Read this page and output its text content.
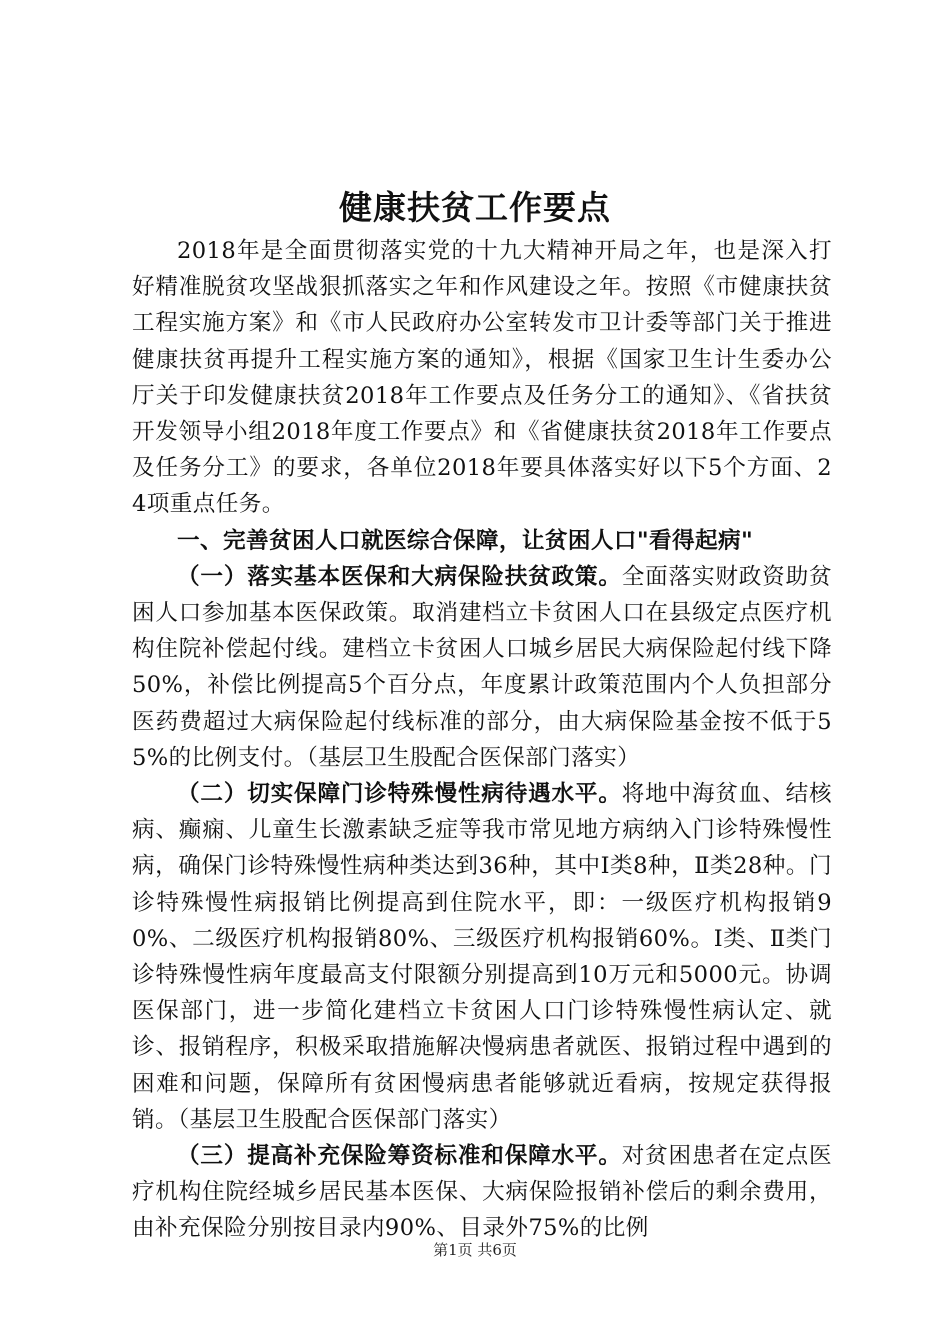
健康扶贫工作要点

2018年是全面贯彻落实党的十九大精神开局之年，也是深入打好精准脱贫攻坚战狠抓落实之年和作风建设之年。按照《市健康扶贫工程实施方案》和《市人民政府办公室转发市卫计委等部门关于推进健康扶贫再提升工程实施方案的通知》，根据《国家卫生计生委办公厅关于印发健康扶贫2018年工作要点及任务分工的通知》、《省扶贫开发领导小组2018年度工作要点》和《省健康扶贫2018年工作要点及任务分工》的要求，各单位2018年要具体落实好以下5个方面、24项重点任务。

一、完善贫困人口就医综合保障，让贫困人口"看得起病"

（一）落实基本医保和大病保险扶贫政策。全面落实财政资助贫困人口参加基本医保政策。取消建档立卡贫困人口在县级定点医疗机构住院补偿起付线。建档立卡贫困人口城乡居民大病保险起付线下降50%，补偿比例提高5个百分点，年度累计政策范围内个人负担部分医药费超过大病保险起付线标准的部分，由大病保险基金按不低于55%的比例支付。（基层卫生股配合医保部门落实）

（二）切实保障门诊特殊慢性病待遇水平。将地中海贫血、结核病、癫痫、儿童生长激素缺乏症等我市常见地方病纳入门诊特殊慢性病，确保门诊特殊慢性病种类达到36种，其中Ⅰ类8种，Ⅱ类28种。门诊特殊慢性病报销比例提高到住院水平，即：一级医疗机构报销90%、二级医疗机构报销80%、三级医疗机构报销60%。Ⅰ类、Ⅱ类门诊特殊慢性病年度最高支付限额分别提高到10万元和5000元。协调医保部门，进一步简化建档立卡贫困人口门诊特殊慢性病认定、就诊、报销程序，积极采取措施解决慢病患者就医、报销过程中遇到的困难和问题，保障所有贫困慢病患者能够就近看病，按规定获得报销。（基层卫生股配合医保部门落实）

（三）提高补充保险筹资标准和保障水平。对贫困患者在定点医疗机构住院经城乡居民基本医保、大病保险报销补偿后的剩余费用，由补充保险分别按目录内90%、目录外75%的比例

第1页 共6页
